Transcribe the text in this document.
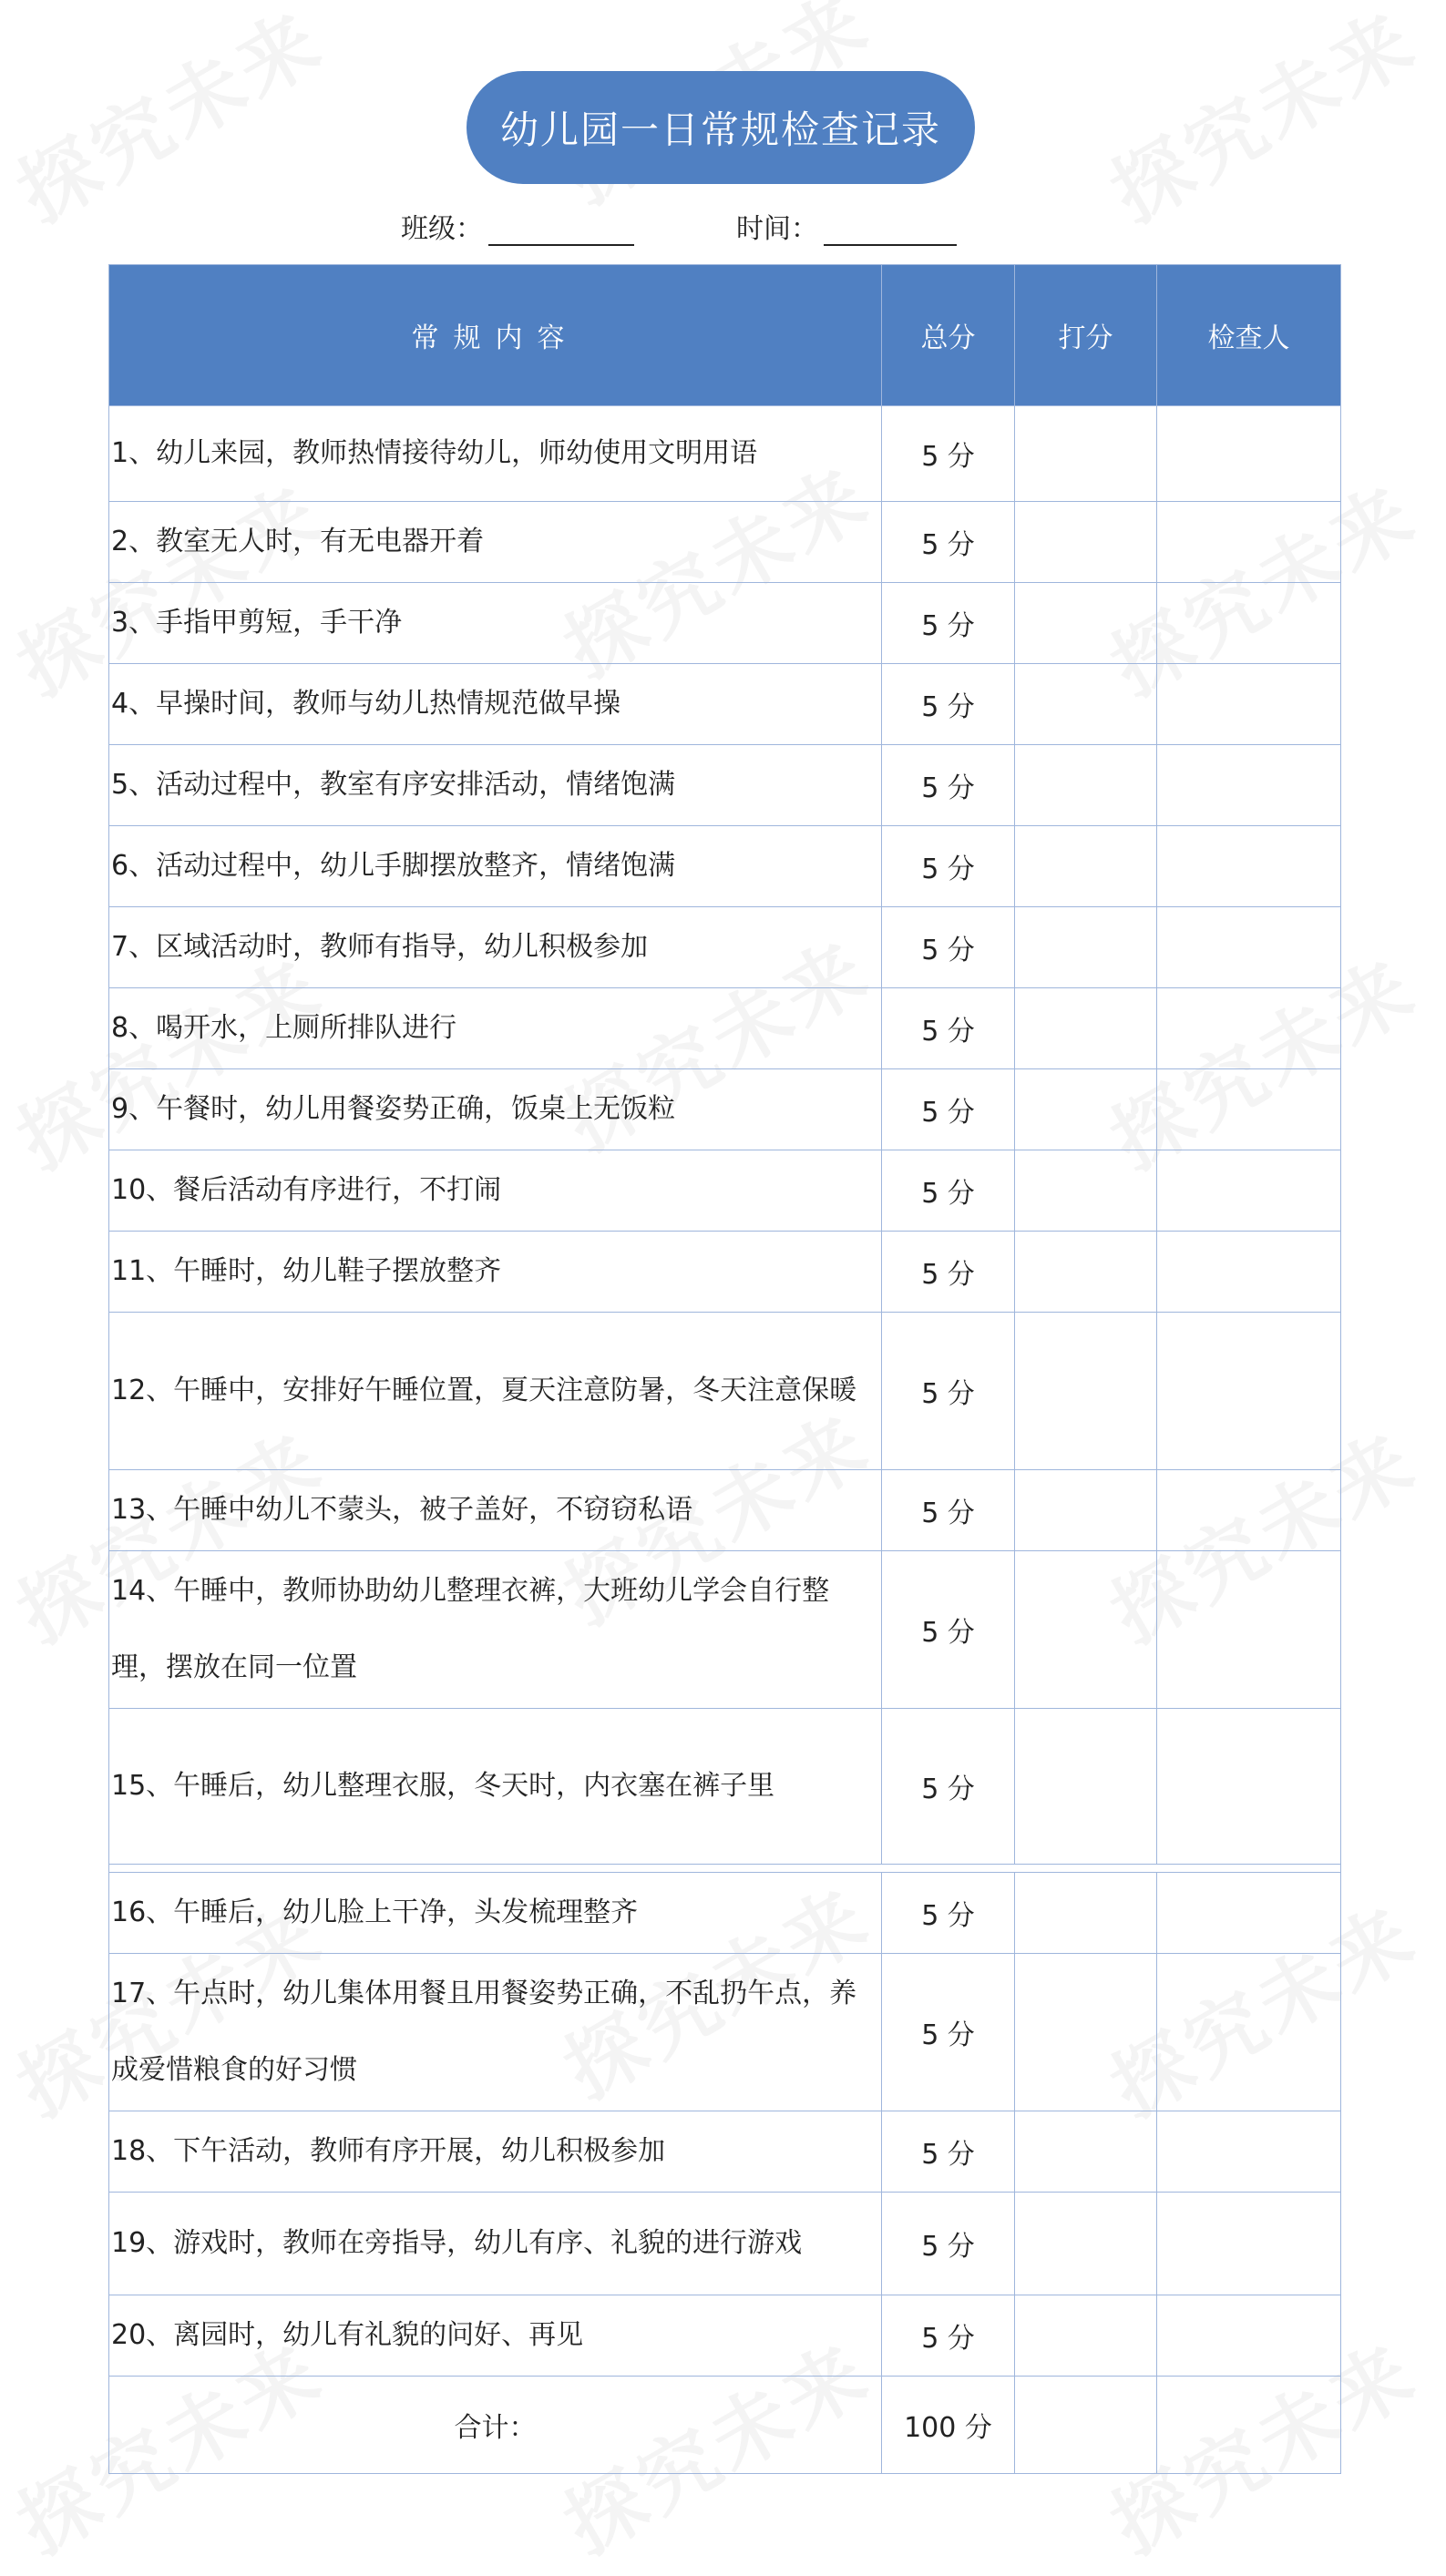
幼儿园一日常规检查记录
班级：	时间：
常规内容	总分	打分	检查人
1、幼儿来园，教师热情接待幼儿，师幼使用文明用语	5 分		
2、教室无人时，有无电器开着	5 分		
3、手指甲剪短，手干净	5 分		
4、早操时间，教师与幼儿热情规范做早操	5 分		
5、活动过程中，教室有序安排活动，情绪饱满	5 分		
6、活动过程中，幼儿手脚摆放整齐，情绪饱满	5 分		
7、区域活动时，教师有指导，幼儿积极参加	5 分		
8、喝开水，上厕所排队进行	5 分		
9、午餐时，幼儿用餐姿势正确，饭桌上无饭粒	5 分		
10、餐后活动有序进行，不打闹	5 分		
11、午睡时，幼儿鞋子摆放整齐	5 分		
12、午睡中，安排好午睡位置，夏天注意防暑，冬天注意保暖	5 分		
13、午睡中幼儿不蒙头，被子盖好，不窃窃私语	5 分		
14、午睡中，教师协助幼儿整理衣裤，大班幼儿学会自行整理，摆放在同一位置	5 分		
15、午睡后，幼儿整理衣服，冬天时，内衣塞在裤子里	5 分		

16、午睡后，幼儿脸上干净，头发梳理整齐	5 分		
17、午点时，幼儿集体用餐且用餐姿势正确，不乱扔午点，养成爱惜粮食的好习惯	5 分		
18、下午活动，教师有序开展，幼儿积极参加	5 分		
19、游戏时，教师在旁指导，幼儿有序、礼貌的进行游戏	5 分		
20、离园时，幼儿有礼貌的问好、再见	5 分		
合计：	100 分		
